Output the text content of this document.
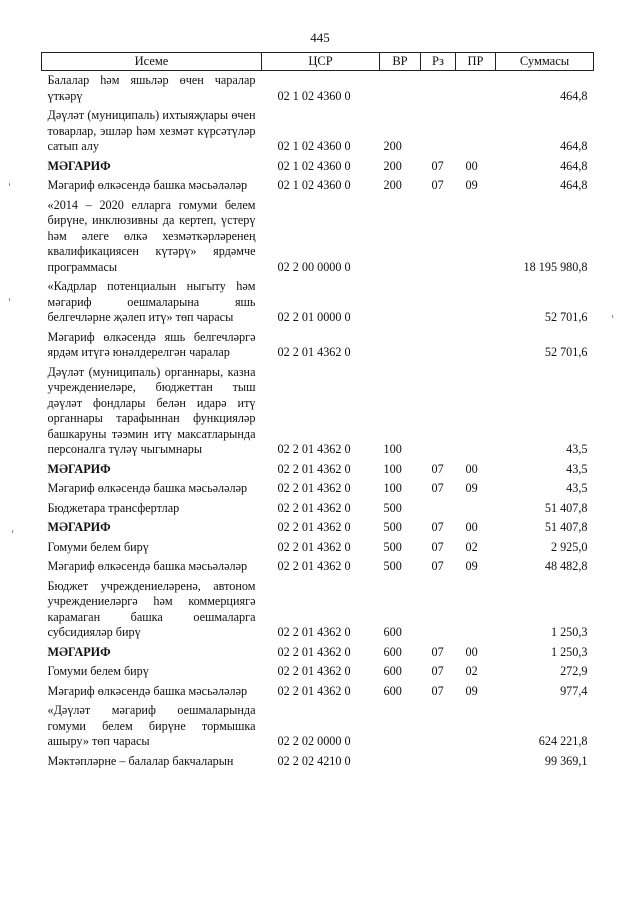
445
Исеме	ЦСР	ВР	Рз	ПР	Суммасы
Балалар һәм яшьләр өчен чаралар үткәрү	02 1 02 4360 0				464,8
Дәүләт (муниципаль) ихтыяҗлары өчен товарлар, эшләр һәм хезмәт күрсәтүләр сатып алу	02 1 02 4360 0	200			464,8
МӘГАРИФ	02 1 02 4360 0	200	07	00	464,8
Мәгариф өлкәсендә башка мәсьәләләр	02 1 02 4360 0	200	07	09	464,8
«2014 – 2020 елларга гомуми белем бирүне, инклюзивны да кертеп, үстерү һәм әлеге өлкә хезмәткәрләренең квалификациясен күтәрү» ярдәмче программасы	02 2 00 0000 0				18 195 980,8
«Кадрлар потенциалын ныгыту һәм мәгариф оешмаларына яшь белгечләрне җәлеп итү» төп чарасы	02 2 01 0000 0				52 701,6
Мәгариф өлкәсендә яшь белгечләргә ярдәм итүгә юнәлдерелгән чаралар	02 2 01 4362 0				52 701,6
Дәүләт (муниципаль) органнары, казна учреждениеләре, бюджеттан тыш дәүләт фондлары белән идарә итү органнары тарафыннан функцияләр башкаруны тәэмин итү максатларында персоналга түләү чыгымнары	02 2 01 4362 0	100			43,5
МӘГАРИФ	02 2 01 4362 0	100	07	00	43,5
Мәгариф өлкәсендә башка мәсьәләләр	02 2 01 4362 0	100	07	09	43,5
Бюджетара трансфертлар	02 2 01 4362 0	500			51 407,8
МӘГАРИФ	02 2 01 4362 0	500	07	00	51 407,8
Гомуми белем бирү	02 2 01 4362 0	500	07	02	2 925,0
Мәгариф өлкәсендә башка мәсьәләләр	02 2 01 4362 0	500	07	09	48 482,8
Бюджет учреждениеләренә, автоном учреждениеләргә һәм коммерциягә карамаган башка оешмаларга субсидияләр бирү	02 2 01 4362 0	600			1 250,3
МӘГАРИФ	02 2 01 4362 0	600	07	00	1 250,3
Гомуми белем бирү	02 2 01 4362 0	600	07	02	272,9
Мәгариф өлкәсендә башка мәсьәләләр	02 2 01 4362 0	600	07	09	977,4
«Дәүләт мәгариф оешмаларында гомуми белем бирүне тормышка ашыру» төп чарасы	02 2 02 0000 0				624 221,8
Мәктәпләрне – балалар бакчаларын	02 2 02 4210 0				99 369,1
